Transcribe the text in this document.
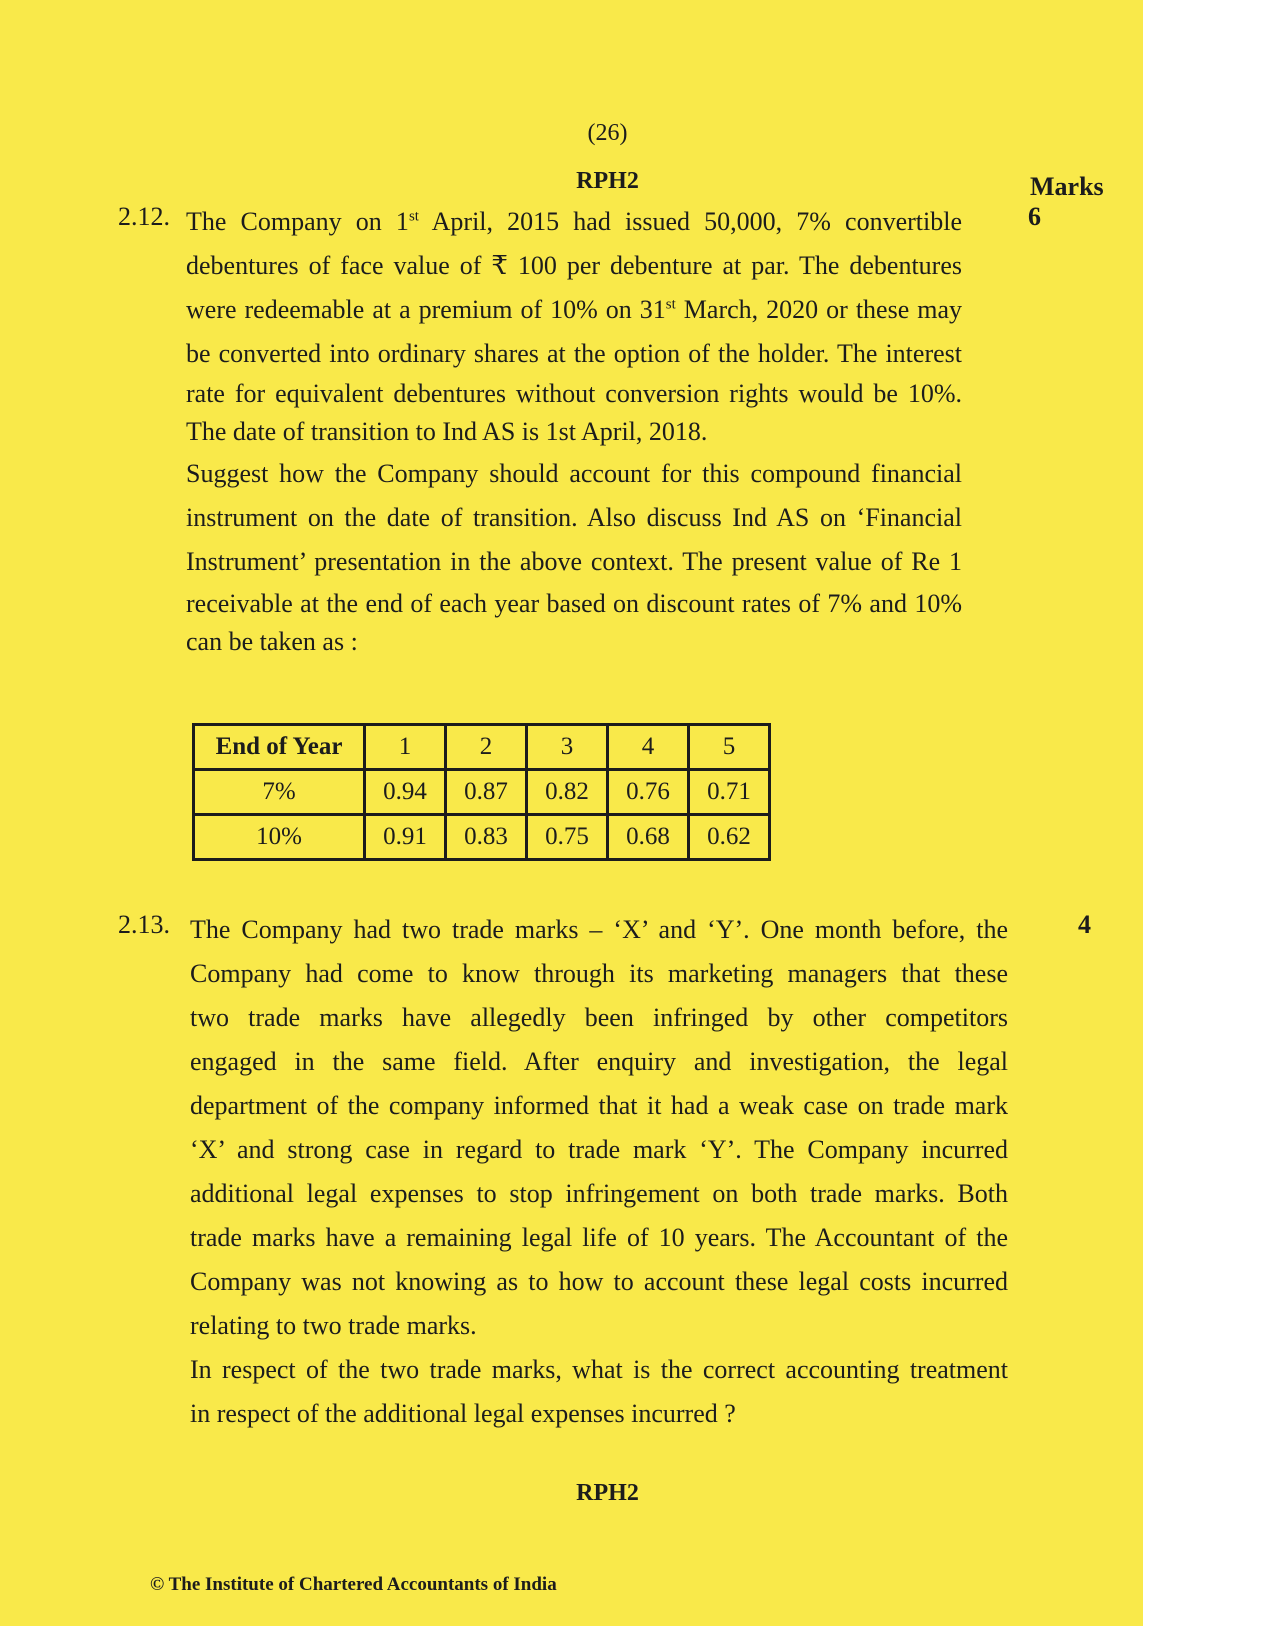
(26)
RPH2	Marks
2.12.	6
The Company on 1st April, 2015 had issued 50,000, 7% convertible
debentures of face value of ₹ 100 per debenture at par. The debentures
were redeemable at a premium of 10% on 31st March, 2020 or these may
be converted into ordinary shares at the option of the holder. The interest
rate for equivalent debentures without conversion rights would be 10%.
The date of transition to Ind AS is 1st April, 2018.
Suggest how the Company should account for this compound financial
instrument on the date of transition. Also discuss Ind AS on ‘Financial
Instrument’ presentation in the above context. The present value of Re 1
receivable at the end of each year based on discount rates of 7% and 10%
can be taken as :
End of Year	1	2	3	4	5
7%	0.94	0.87	0.82	0.76	0.71
10%	0.91	0.83	0.75	0.68	0.62
2.13.	4
The Company had two trade marks – ‘X’ and ‘Y’. One month before, the
Company had come to know through its marketing managers that these
two trade marks have allegedly been infringed by other competitors
engaged in the same field. After enquiry and investigation, the legal
department of the company informed that it had a weak case on trade mark
‘X’ and strong case in regard to trade mark ‘Y’. The Company incurred
additional legal expenses to stop infringement on both trade marks. Both
trade marks have a remaining legal life of 10 years. The Accountant of the
Company was not knowing as to how to account these legal costs incurred
relating to two trade marks.
In respect of the two trade marks, what is the correct accounting treatment
in respect of the additional legal expenses incurred ?
RPH2
© The Institute of Chartered Accountants of India
